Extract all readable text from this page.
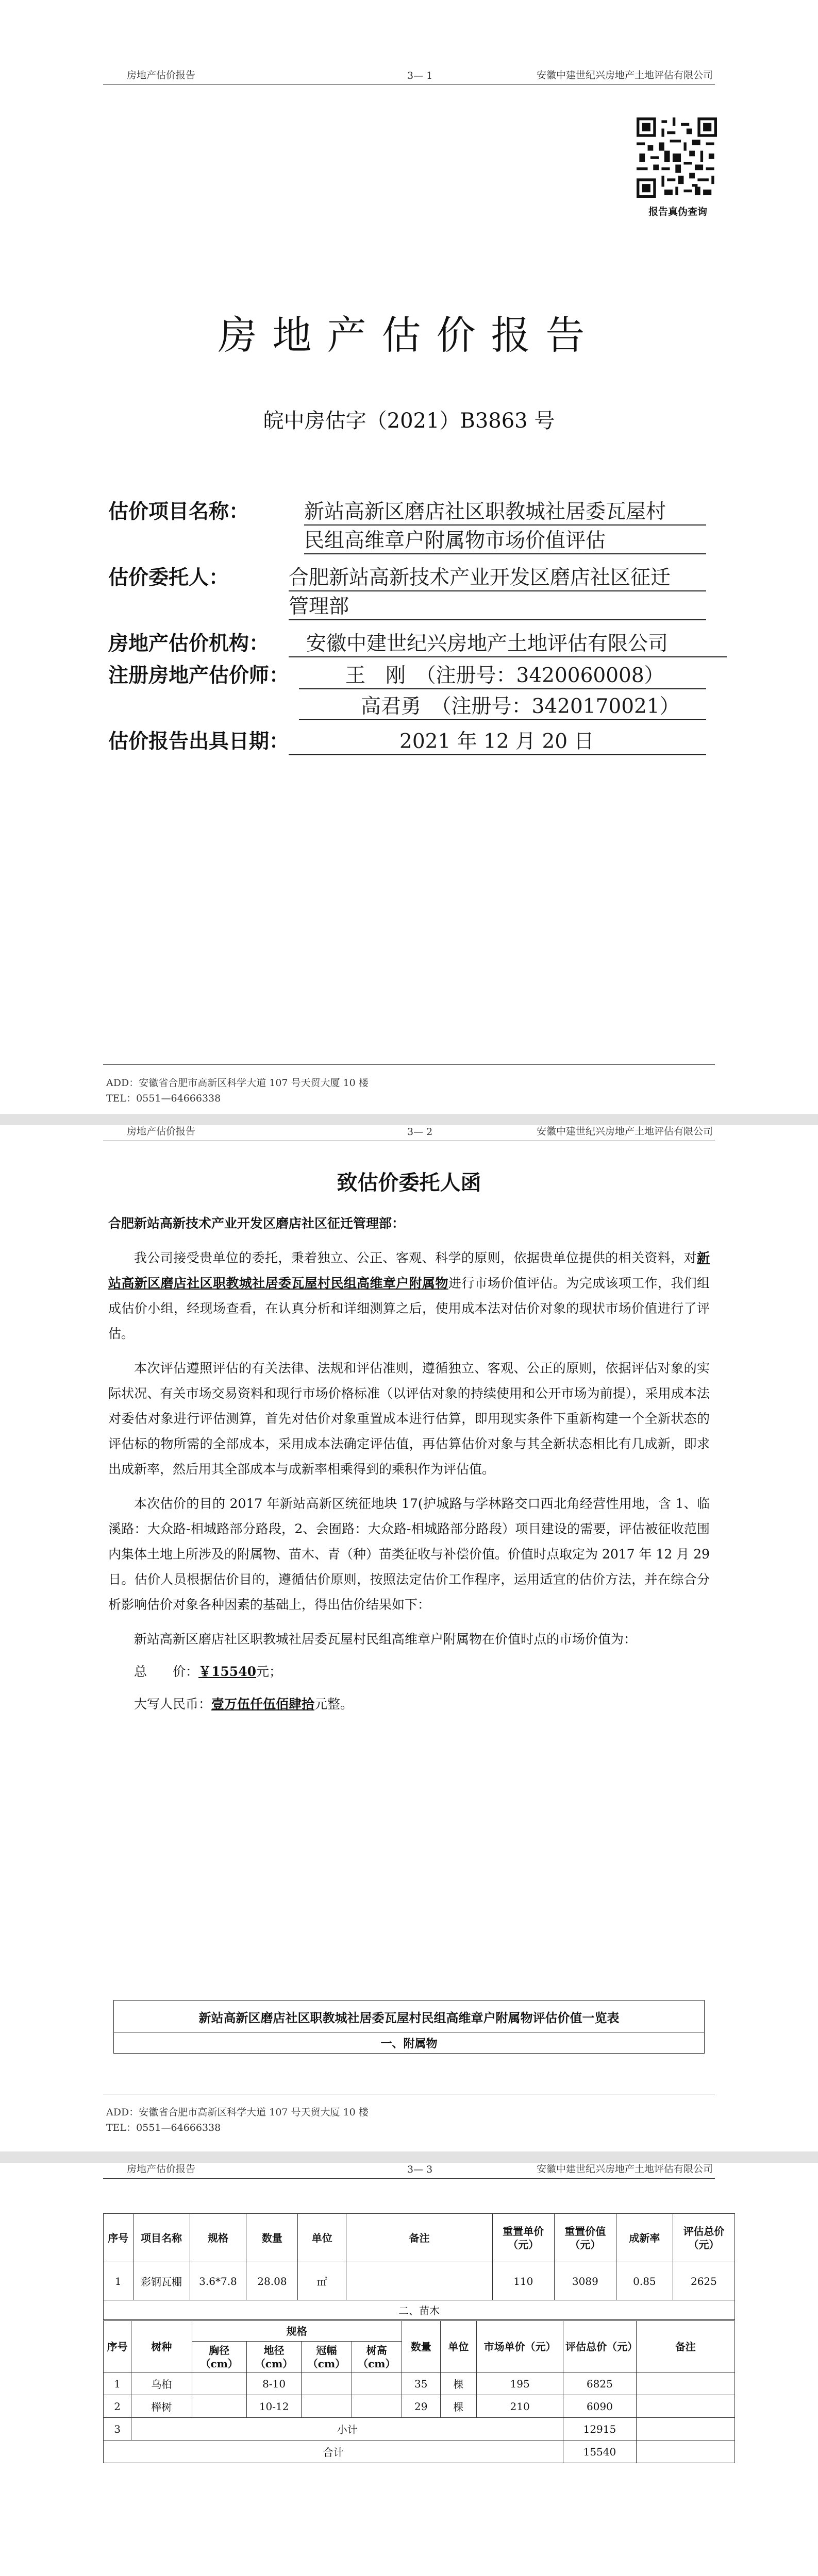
房地产估价报告	3— 1	安徽中建世纪兴房地产土地评估有限公司
报告真伪查询
房地产估价报告
皖中房估字（2021）B3863 号
估价项目名称：	新站高新区磨店社区职教城社居委瓦屋村
民组高维章户附属物市场价值评估
估价委托人：	合肥新站高新技术产业开发区磨店社区征迁
管理部
房地产估价机构：	安徽中建世纪兴房地产土地评估有限公司
注册房地产估价师：	王　刚　（注册号：3420060008）
高君勇　（注册号：3420170021）
估价报告出具日期：	2021 年 12 月 20 日
ADD：安徽省合肥市高新区科学大道 107 号天贸大厦 10 楼
TEL：0551—64666338
房地产估价报告	3— 2	安徽中建世纪兴房地产土地评估有限公司
致估价委托人函
合肥新站高新技术产业开发区磨店社区征迁管理部：

我公司接受贵单位的委托，秉着独立、公正、客观、科学的原则，依据贵单位提供的相关资料，对新站高新区磨店社区职教城社居委瓦屋村民组高维章户附属物进行市场价值评估。为完成该项工作，我们组成估价小组，经现场查看，在认真分析和详细测算之后，使用成本法对估价对象的现状市场价值进行了评估。

本次评估遵照评估的有关法律、法规和评估准则，遵循独立、客观、公正的原则，依据评估对象的实际状况、有关市场交易资料和现行市场价格标准（以评估对象的持续使用和公开市场为前提），采用成本法对委估对象进行评估测算，首先对估价对象重置成本进行估算，即用现实条件下重新构建一个全新状态的评估标的物所需的全部成本，采用成本法确定评估值，再估算估价对象与其全新状态相比有几成新，即求出成新率，然后用其全部成本与成新率相乘得到的乘积作为评估值。

本次估价的目的 2017 年新站高新区统征地块 17(护城路与学林路交口西北角经营性用地，含 1、临溪路：大众路-相城路部分路段，2、会囿路：大众路-相城路部分路段）项目建设的需要，评估被征收范围内集体土地上所涉及的附属物、苗木、青（种）苗类征收与补偿价值。价值时点取定为 2017 年 12 月 29 日。估价人员根据估价目的，遵循估价原则，按照法定估价工作程序，运用适宜的估价方法，并在综合分析影响估价对象各种因素的基础上，得出估价结果如下：

新站高新区磨店社区职教城社居委瓦屋村民组高维章户附属物在价值时点的市场价值为：

总　　价：￥15540元；

大写人民币：壹万伍仟伍佰肆拾元整。

新站高新区磨店社区职教城社居委瓦屋村民组高维章户附属物评估价值一览表
一、附属物
ADD：安徽省合肥市高新区科学大道 107 号天贸大厦 10 楼
TEL：0551—64666338
房地产估价报告	3— 3	安徽中建世纪兴房地产土地评估有限公司
序号	项目名称	规格	数量	单位	备注	重置单价（元）	重置价值（元）	成新率	评估总价（元）
1	彩钢瓦棚	3.6*7.8	28.08	㎡		110	3089	0.85	2625
二、苗木									
序号	树种	规格				数量	单位	市场单价（元）	评估总价（元）	备注
		胸径（cm）	地径（cm）	冠幅（cm）	树高（cm）					
1	乌桕		8-10			35	棵	195	6825	
2	榉树		10-12			29	棵	210	6090	
3	小计								12915	
合计									15540	
